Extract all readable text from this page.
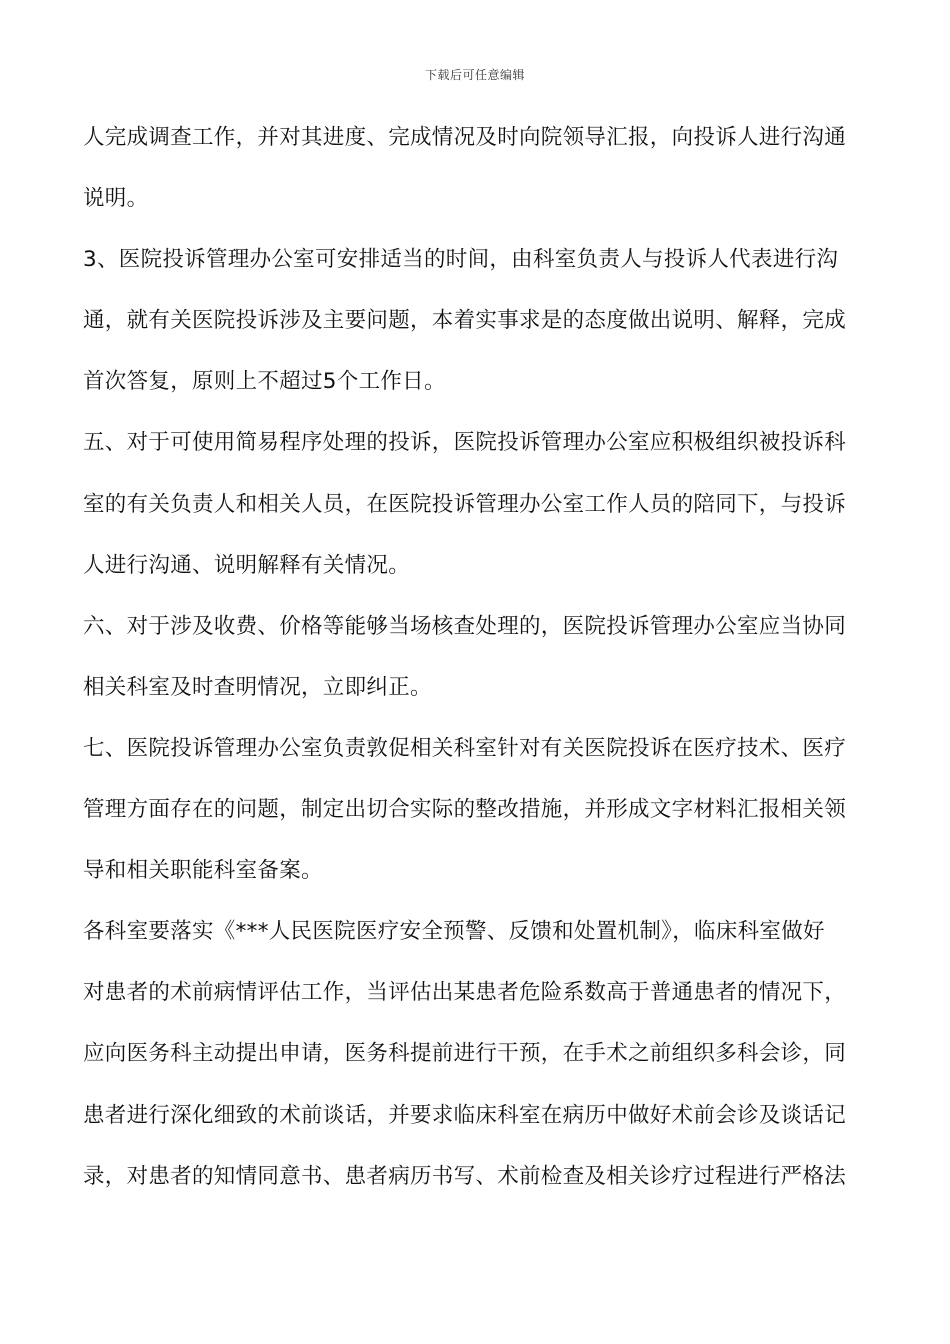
下载后可任意编辑
人完成调查工作，并对其进度、完成情况及时向院领导汇报，向投诉人进行沟通
说明。
3、医院投诉管理办公室可安排适当的时间，由科室负责人与投诉人代表进行沟
通，就有关医院投诉涉及主要问题，本着实事求是的态度做出说明、解释，完成
首次答复，原则上不超过5个工作日。
五、对于可使用简易程序处理的投诉，医院投诉管理办公室应积极组织被投诉科
室的有关负责人和相关人员，在医院投诉管理办公室工作人员的陪同下，与投诉
人进行沟通、说明解释有关情况。
六、对于涉及收费、价格等能够当场核查处理的，医院投诉管理办公室应当协同
相关科室及时查明情况，立即纠正。
七、医院投诉管理办公室负责敦促相关科室针对有关医院投诉在医疗技术、医疗
管理方面存在的问题，制定出切合实际的整改措施，并形成文字材料汇报相关领
导和相关职能科室备案。
各科室要落实《***人民医院医疗安全预警、反馈和处置机制》，临床科室做好
对患者的术前病情评估工作，当评估出某患者危险系数高于普通患者的情况下，
应向医务科主动提出申请，医务科提前进行干预，在手术之前组织多科会诊，同
患者进行深化细致的术前谈话，并要求临床科室在病历中做好术前会诊及谈话记
录，对患者的知情同意书、患者病历书写、术前检查及相关诊疗过程进行严格法
